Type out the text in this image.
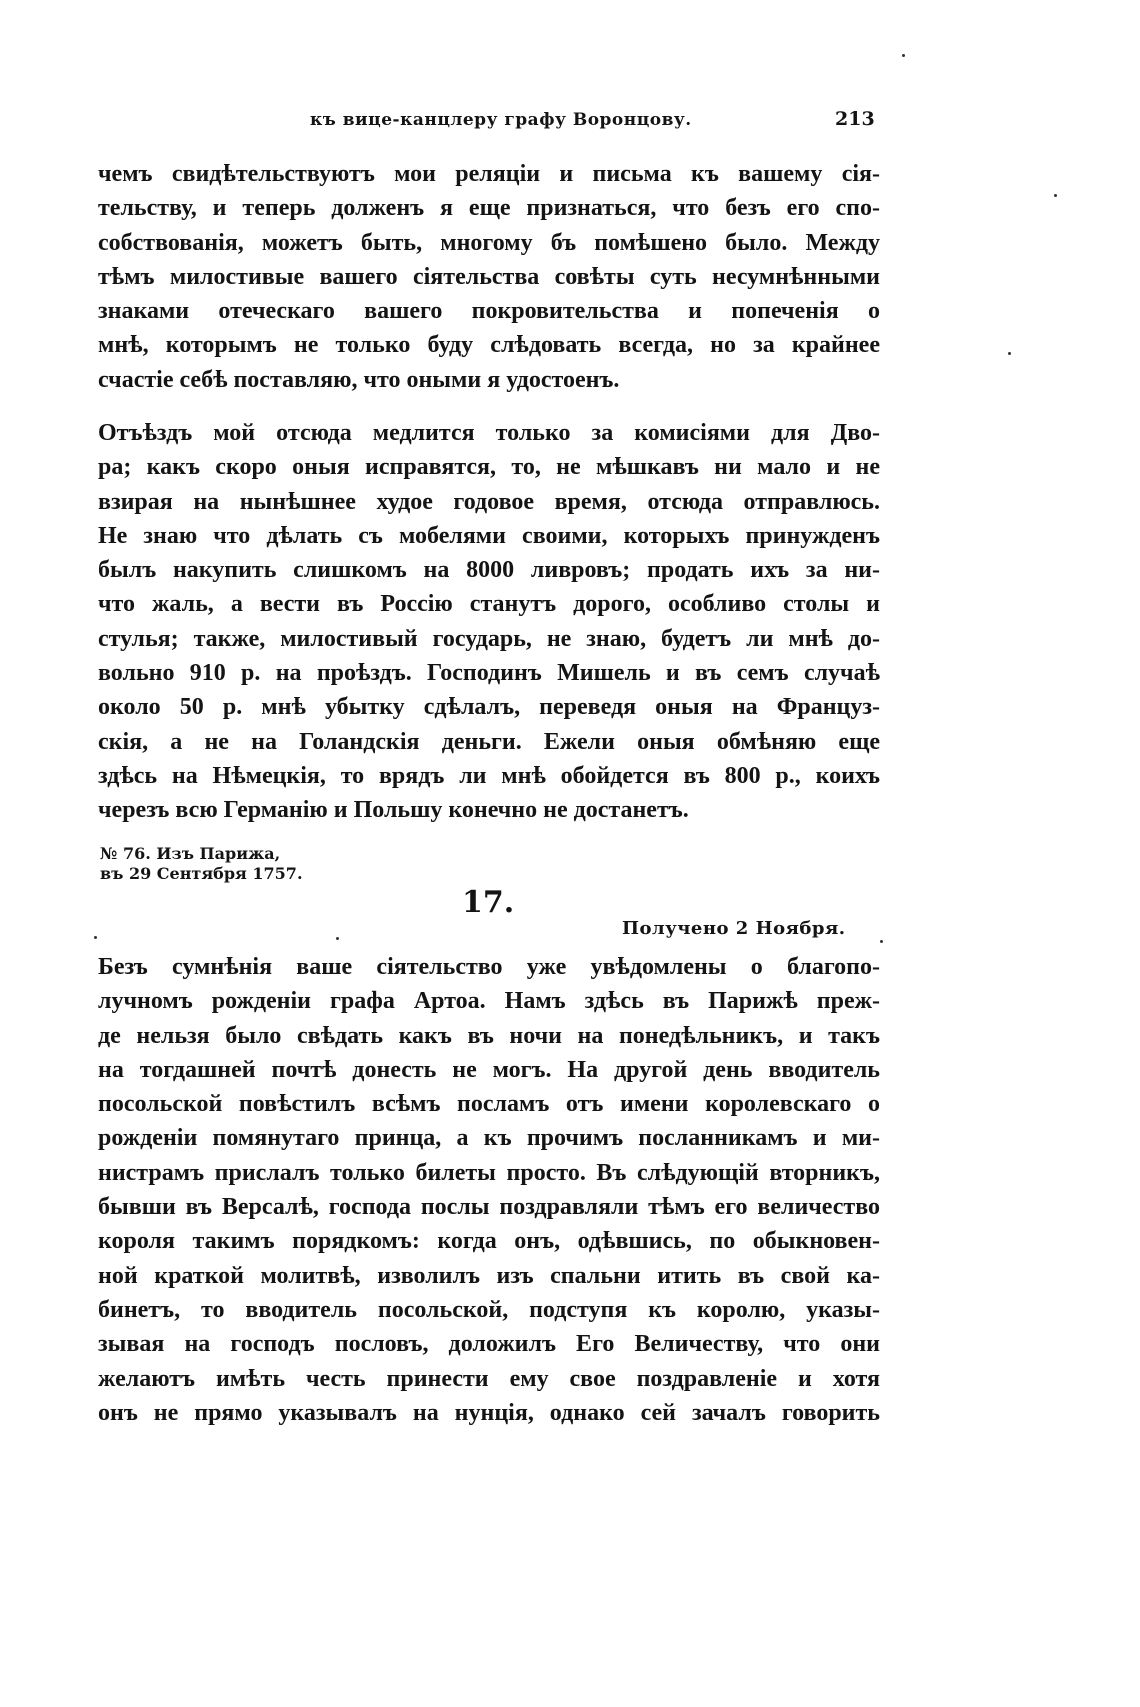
къ вице-канцлеру графу Воронцову.	213
чемъ свидѣтельствуютъ мои реляцiи и письма къ вашему сiя-
тельству, и теперь долженъ я еще признаться, что безъ его спо-
собствованiя, можетъ быть, многому бъ помѣшено было. Между
тѣмъ милостивые вашего сiятельства совѣты суть несумнѣнными
знаками отеческаго вашего покровительства и попеченiя о
мнѣ, которымъ не только буду слѣдовать всегда, но за крайнее
счастiе себѣ поставляю, что оными я удостоенъ.
Отъѣздъ мой отсюда медлится только за комисiями для Дво-
ра; какъ скоро оныя исправятся, то, не мѣшкавъ ни мало и не
взирая на нынѣшнее худое годовое время, отсюда отправлюсь.
Не знаю что дѣлать съ мобелями своими, которыхъ принужденъ
былъ накупить слишкомъ на 8000 ливровъ; продать ихъ за ни-
что жаль, а вести въ Россiю станутъ дорого, особливо столы и
стулья; также, милостивый государь, не знаю, будетъ ли мнѣ до-
вольно 910 р. на проѣздъ. Господинъ Мишель и въ семъ случаѣ
около 50 р. мнѣ убытку сдѣлалъ, переведя оныя на Француз-
скiя, а не на Голандскiя деньги. Ежели оныя обмѣняю еще
здѣсь на Нѣмецкiя, то врядъ ли мнѣ обойдется въ 800 р., коихъ
черезъ всю Германiю и Польшу конечно не достанетъ.
№ 76. Изъ Парижа,
въ 29 Сентября 1757.
17.
Получено 2 Ноября.
Безъ сумнѣнiя ваше сiятельство уже увѣдомлены о благопо-
лучномъ рожденiи графа Артоа. Намъ здѣсь въ Парижѣ преж-
де нельзя было свѣдать какъ въ ночи на понедѣльникъ, и такъ
на тогдашней почтѣ донесть не могъ. На другой день вводитель
посольской повѣстилъ всѣмъ посламъ отъ имени королевскаго о
рожденiи помянутаго принца, а къ прочимъ посланникамъ и ми-
нистрамъ прислалъ только билеты просто. Въ слѣдующiй вторникъ,
бывши въ Версалѣ, господа послы поздравляли тѣмъ его величество
короля такимъ порядкомъ: когда онъ, одѣвшись, по обыкновен-
ной краткой молитвѣ, изволилъ изъ спальни итить въ свой ка-
бинетъ, то вводитель посольской, подступя къ королю, указы-
зывая на господъ пословъ, доложилъ Его Величеству, что они
желаютъ имѣть честь принести ему свое поздравленiе и хотя
онъ не прямо указывалъ на нунцiя, однако сей зачалъ говорить
